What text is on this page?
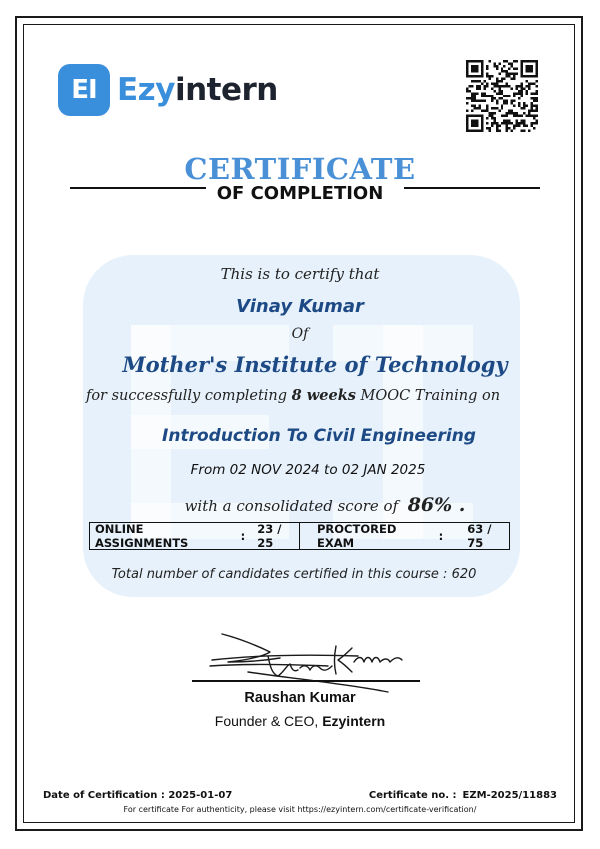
EI Ezyintern
CERTIFICATE
OF COMPLETION
This is to certify that
Vinay Kumar
Of
Mother's Institute of Technology
for successfully completing 8 weeks MOOC Training on
Introduction To Civil Engineering
From 02 NOV 2024 to 02 JAN 2025
with a consolidated score of 86% .
ONLINE ASSIGNMENTS	: 23 / 25
PROCTORED EXAM	: 63 / 75
Total number of candidates certified in this course : 620
Raushan Kumar
Founder & CEO, Ezyintern
Date of Certification : 2025-01-07	Certificate no. : EZM-2025/11883
For certificate For authenticity, please visit https://ezyintern.com/certificate-verification/
